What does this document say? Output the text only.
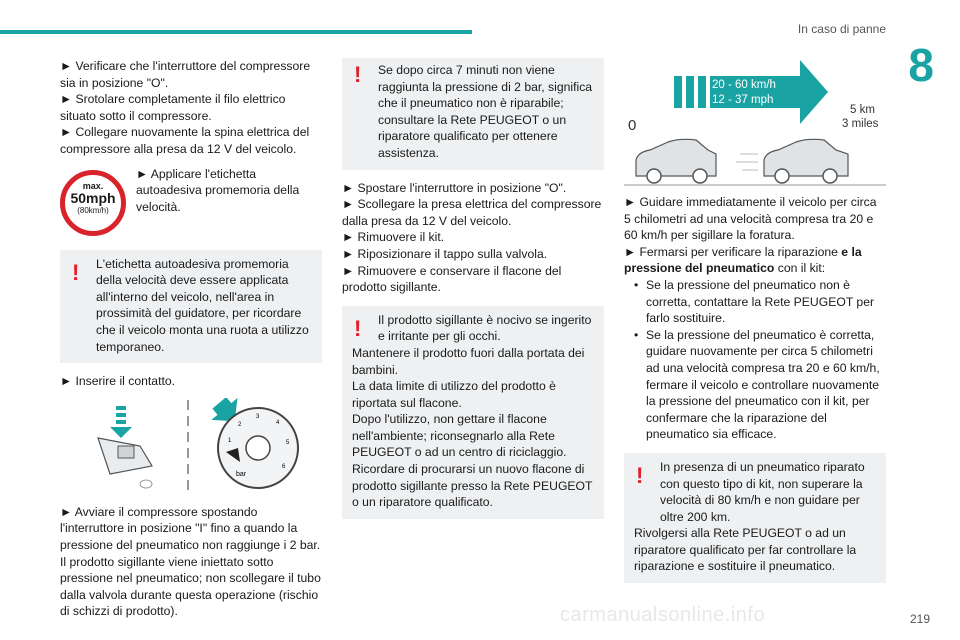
In caso di panne
8

► Verificare che l'interruttore del compressore sia in posizione "O".

► Srotolare completamente il filo elettrico situato sotto il compressore.

► Collegare nuovamente la spina elettrica del compressore alla presa da 12 V del veicolo.

max.
50mph
(80km/h)

► Applicare l'etichetta autoadesiva promemoria della velocità.

!	L'etichetta autoadesiva promemoria della velocità deve essere applicata all'interno del veicolo, nell'area in prossimità del guidatore, per ricordare che il veicolo monta una ruota a utilizzo temporaneo.

► Inserire il contatto.

bar
1
2
3
4
5
6

► Avviare il compressore spostando l'interruttore in posizione "I" fino a quando la pressione del pneumatico non raggiunge i 2 bar. Il prodotto sigillante viene iniettato sotto pressione nel pneumatico; non scollegare il tubo dalla valvola durante questa operazione (rischio di schizzi di prodotto).

!	Se dopo circa 7 minuti non viene raggiunta la pressione di 2 bar, significa che il pneumatico non è riparabile; consultare la Rete PEUGEOT o un riparatore qualificato per ottenere assistenza.

► Spostare l'interruttore in posizione "O".

► Scollegare la presa elettrica del compressore dalla presa da 12 V del veicolo.

► Rimuovere il kit.

► Riposizionare il tappo sulla valvola.

► Rimuovere e conservare il flacone del prodotto sigillante.

!	Il prodotto sigillante è nocivo se ingerito e irritante per gli occhi.

Mantenere il prodotto fuori dalla portata dei bambini.

La data limite di utilizzo del prodotto è riportata sul flacone.

Dopo l'utilizzo, non gettare il flacone nell'ambiente; riconsegnarlo alla Rete PEUGEOT o ad un centro di riciclaggio.

Ricordare di procurarsi un nuovo flacone di prodotto sigillante presso la Rete PEUGEOT o un riparatore qualificato.

20 - 60 km/h
12 - 37 mph
0
5 km
3 miles

► Guidare immediatamente il veicolo per circa 5 chilometri ad una velocità compresa tra 20 e 60 km/h per sigillare la foratura.

► Fermarsi per verificare la riparazione e la pressione del pneumatico con il kit:

• Se la pressione del pneumatico non è corretta, contattare la Rete PEUGEOT per farlo sostituire.
• Se la pressione del pneumatico è corretta, guidare nuovamente per circa 5 chilometri ad una velocità compresa tra 20 e 60 km/h, fermare il veicolo e controllare nuovamente la pressione del pneumatico con il kit, per confermare che la riparazione del pneumatico sia efficace.
!	In presenza di un pneumatico riparato con questo tipo di kit, non superare la velocità di 80 km/h e non guidare per oltre 200 km.

Rivolgersi alla Rete PEUGEOT o ad un riparatore qualificato per far controllare la riparazione e sostituire il pneumatico.

carmanualsonline.info	219
